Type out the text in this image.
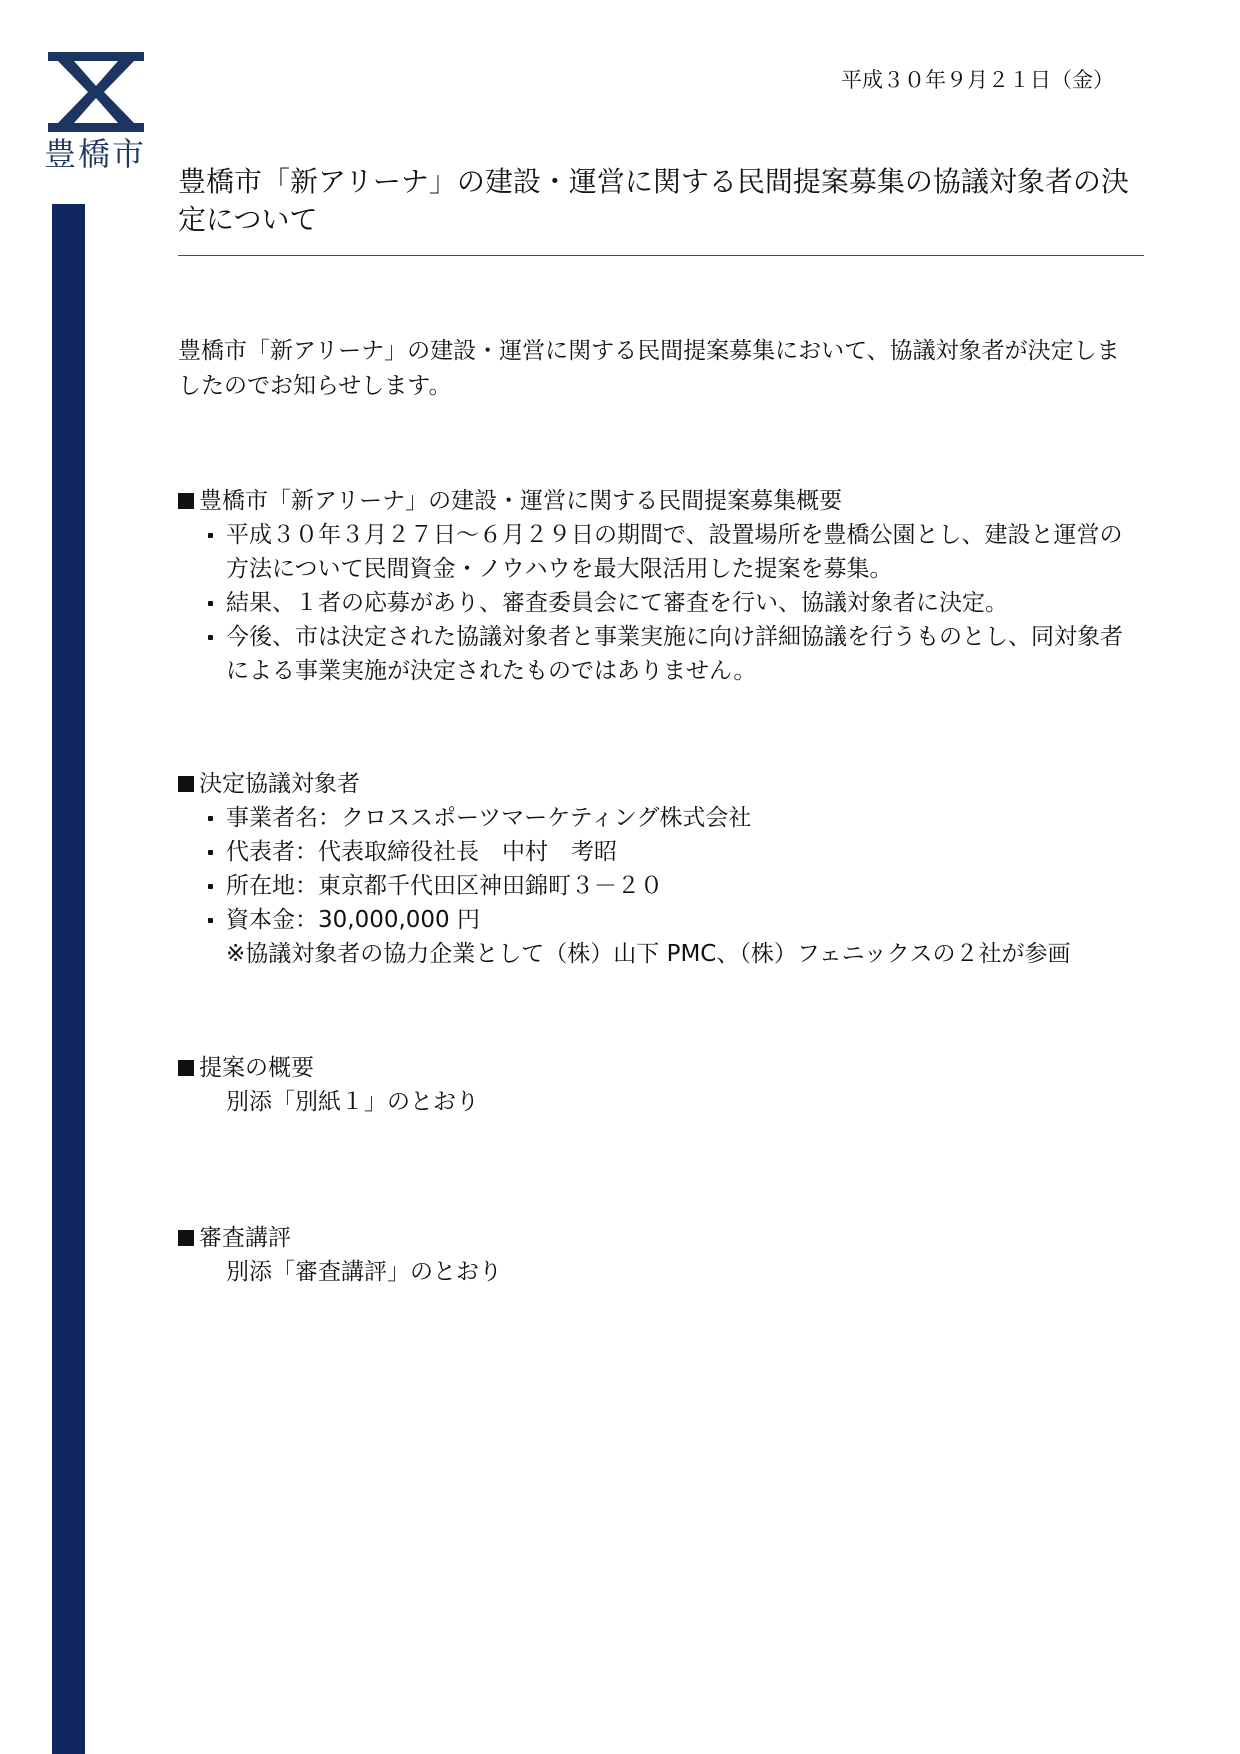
豊橋市
平成３０年９月２１日（金）
豊橋市「新アリーナ」の建設・運営に関する民間提案募集の協議対象者の決定について

豊橋市「新アリーナ」の建設・運営に関する民間提案募集において、協議対象者が決定しましたのでお知らせします。

豊橋市「新アリーナ」の建設・運営に関する民間提案募集概要

平成３０年３月２７日～６月２９日の期間で、設置場所を豊橋公園とし、建設と運営の方法について民間資金・ノウハウを最大限活用した提案を募集。
結果、１者の応募があり、審査委員会にて審査を行い、協議対象者に決定。
今後、市は決定された協議対象者と事業実施に向け詳細協議を行うものとし、同対象者による事業実施が決定されたものではありません。

決定協議対象者

事業者名：クロススポーツマーケティング株式会社
代表者：代表取締役社長　中村　考昭
所在地：東京都千代田区神田錦町３－２０
資本金：30,000,000 円

※協議対象者の協力企業として（株）山下 PMC、（株）フェニックスの２社が参画

提案の概要

別添「別紙１」のとおり

審査講評

別添「審査講評」のとおり
